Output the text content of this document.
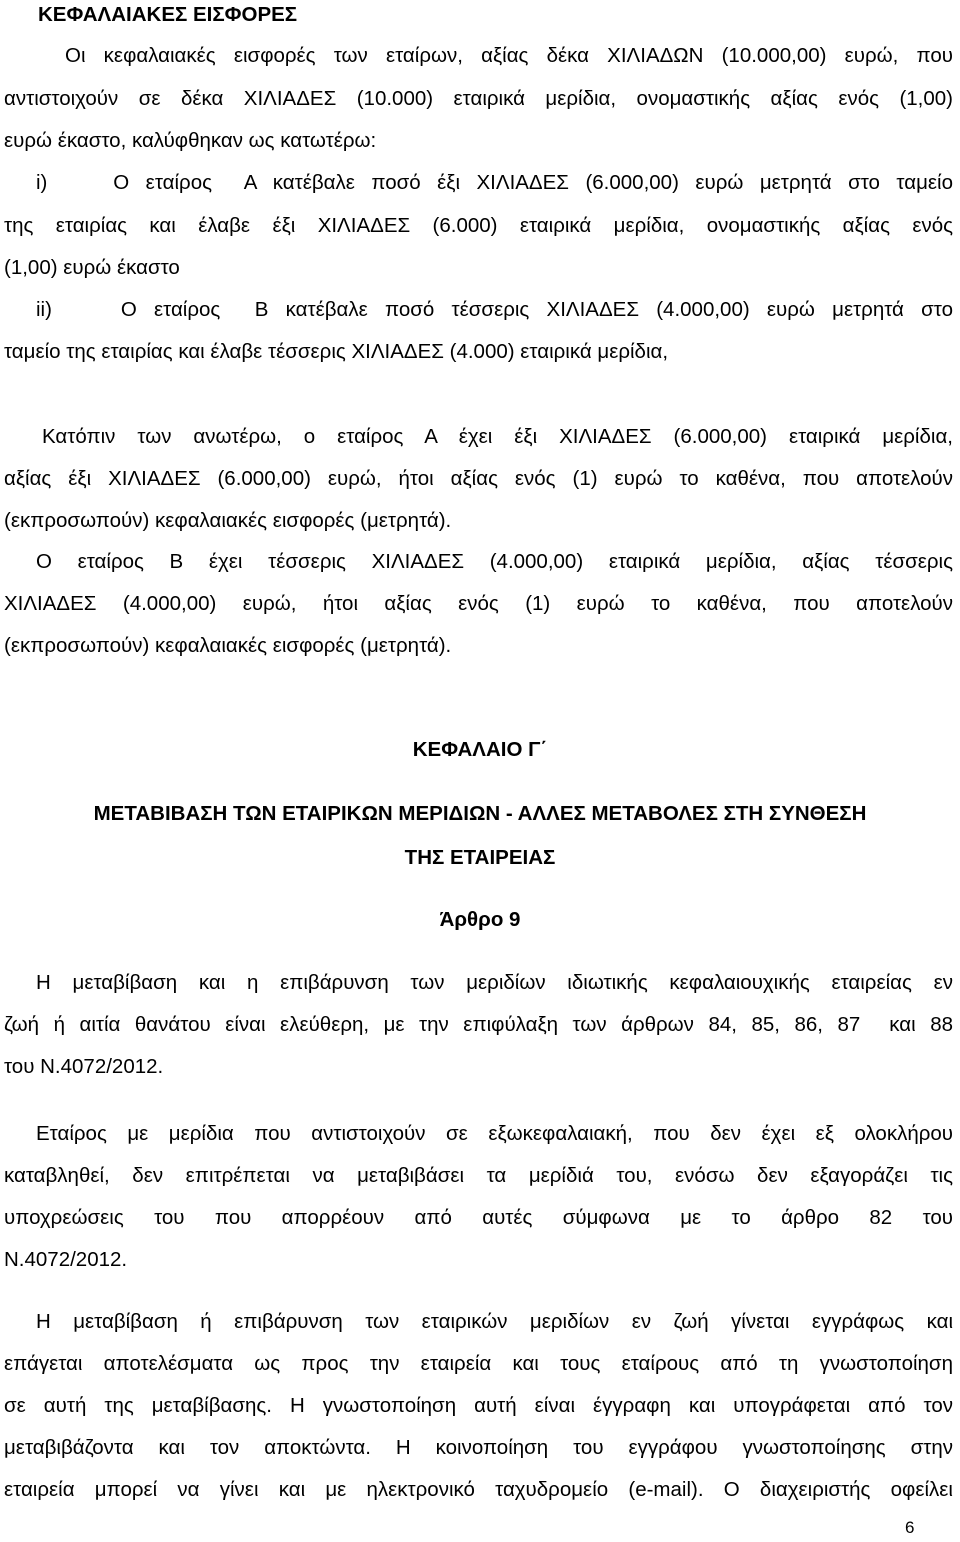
ΚΕΦΑΛΑΙΑΚΕΣ ΕΙΣΦΟΡΕΣ
Οι κεφαλαιακές εισφορές των εταίρων, αξίας δέκα ΧΙΛΙΑΔΩΝ (10.000,00) ευρώ, που
αντιστοιχούν σε δέκα ΧΙΛΙΑΔΕΣ (10.000) εταιρικά μερίδια, ονομαστικής αξίας ενός (1,00)
ευρώ έκαστο, καλύφθηκαν ως κατωτέρω:
i)    Ο εταίρος  Α κατέβαλε ποσό έξι ΧΙΛΙΑΔΕΣ (6.000,00) ευρώ μετρητά στο ταμείο
της εταιρίας και έλαβε έξι ΧΙΛΙΑΔΕΣ (6.000) εταιρικά μερίδια, ονομαστικής αξίας ενός
(1,00) ευρώ έκαστο
ii)    Ο εταίρος  Β κατέβαλε ποσό τέσσερις ΧΙΛΙΑΔΕΣ (4.000,00) ευρώ μετρητά στο
ταμείο της εταιρίας και έλαβε τέσσερις ΧΙΛΙΑΔΕΣ (4.000) εταιρικά μερίδια,
Κατόπιν των ανωτέρω, ο εταίρος Α έχει έξι ΧΙΛΙΑΔΕΣ (6.000,00) εταιρικά μερίδια,
αξίας έξι ΧΙΛΙΑΔΕΣ (6.000,00) ευρώ, ήτοι αξίας ενός (1) ευρώ το καθένα, που αποτελούν
(εκπροσωπούν) κεφαλαιακές εισφορές (μετρητά).
Ο εταίρος Β έχει τέσσερις ΧΙΛΙΑΔΕΣ (4.000,00) εταιρικά μερίδια, αξίας τέσσερις
ΧΙΛΙΑΔΕΣ (4.000,00) ευρώ, ήτοι αξίας ενός (1) ευρώ το καθένα, που αποτελούν
(εκπροσωπούν) κεφαλαιακές εισφορές (μετρητά).
ΚΕΦΑΛΑΙΟ Γ΄
ΜΕΤΑΒΙΒΑΣΗ ΤΩΝ ΕΤΑΙΡΙΚΩΝ ΜΕΡΙΔΙΩΝ - ΑΛΛΕΣ ΜΕΤΑΒΟΛΕΣ ΣΤΗ ΣΥΝΘΕΣΗ
ΤΗΣ ΕΤΑΙΡΕΙΑΣ
Άρθρο 9
Η μεταβίβαση και η επιβάρυνση των μεριδίων ιδιωτικής κεφαλαιουχικής εταιρείας εν
ζωή ή αιτία θανάτου είναι ελεύθερη, με την επιφύλαξη των άρθρων 84, 85, 86, 87  και 88
του Ν.4072/2012.
Εταίρος με μερίδια που αντιστοιχούν σε εξωκεφαλαιακή, που δεν έχει εξ ολοκλήρου
καταβληθεί, δεν επιτρέπεται να μεταβιβάσει τα μερίδιά του, ενόσω δεν εξαγοράζει τις
υποχρεώσεις του που απορρέουν από αυτές σύμφωνα με το άρθρο 82 του
Ν.4072/2012.
Η μεταβίβαση ή επιβάρυνση των εταιρικών μεριδίων εν ζωή γίνεται εγγράφως και
επάγεται αποτελέσματα ως προς την εταιρεία και τους εταίρους από τη γνωστοποίηση
σε αυτή της μεταβίβασης. Η γνωστοποίηση αυτή είναι έγγραφη και υπογράφεται από τον
μεταβιβάζοντα και τον αποκτώντα. Η κοινοποίηση του εγγράφου γνωστοποίησης στην
εταιρεία μπορεί να γίνει και με ηλεκτρονικό ταχυδρομείο (e-mail). Ο διαχειριστής οφείλει
6
